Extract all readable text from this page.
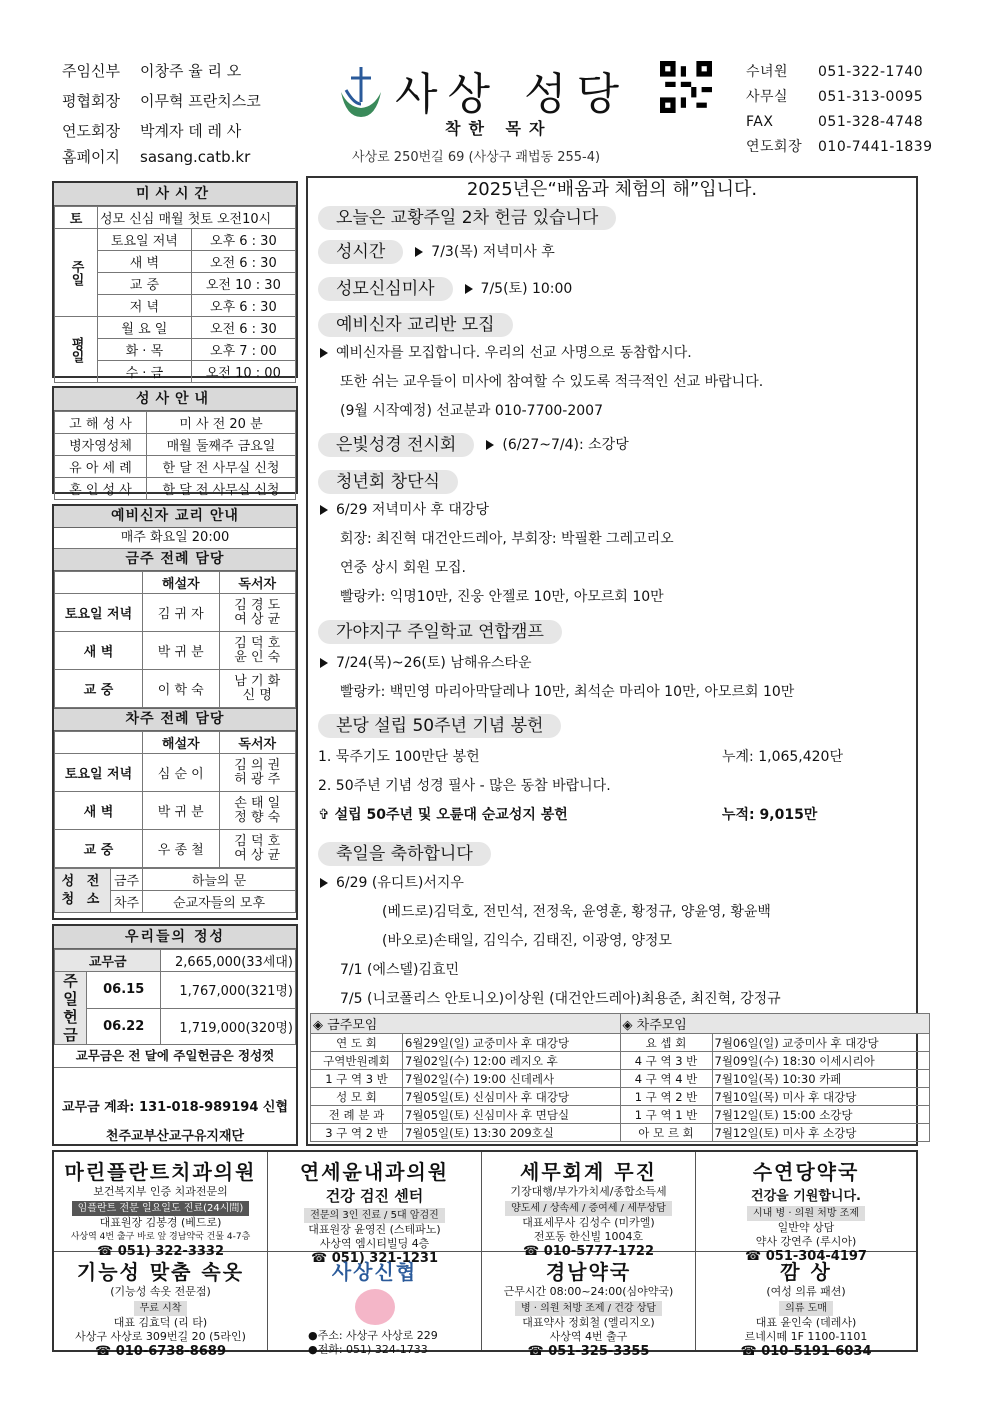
주임신부	이창주 율 리 오
평협회장	이무혁 프란치스코
연도회장	박계자 데 레 사
홈페이지	sasang.catb.kr
사상 성당
착한 목자
사상로 250번길 69 (사상구 괘법동 255-4)
수녀원	051-322-1740
사무실	051-313-0095
FAX	051-328-4748
연도회장	010-7441-1839
미사시간
토	성모 신심 매월 첫토 오전10시	
주일	토요일 저녁	오후 6 : 30
	새 벽	오전 6 : 30
	교 중	오전 10 : 30
	저 녁	오후 6 : 30
평일	월 요 일	오전 6 : 30
	화 · 목	오후 7 : 00
	수 · 금	오전 10 : 00
성사안내
고 해 성 사	미 사 전 20 분
병자영성체	매월 둘째주 금요일
유 아 세 례	한 달 전 사무실 신청
혼 인 성 사	한 달 전 사무실 신청
예비신자 교리 안내
매주 화요일 20:00
금주 전례 담당
	해설자	독서자
토요일 저녁	김 귀 자	김 경 도
여 상 균

새 벽	박 귀 분	김 덕 호
윤 인 숙

교 중	이 학 숙	남 기 화
신 명
차주 전례 담당
	해설자	독서자
토요일 저녁	심 순 이	김 의 권
허 광 주

새 벽	박 귀 분	손 태 일
정 향 숙

교 중	우 종 철	김 덕 호
여 상 균
성 전
청 소	금주	하늘의 문
	차주	순교자들의 모후
우리들의 정성
교무금		2,665,000(33세대)

주 일
헌 금	06.15	1,767,000(321명)
	06.22	1,719,000(320명)
교무금은 전 달에 주일헌금은 정성껏
교무금 계좌: 131-018-989194 신협
천주교부산교구유지재단
2025년은“배움과 체험의 해”입니다.
오늘은 교황주일 2차 헌금 있습니다
성시간	7/3(목) 저녁미사 후
성모신심미사	7/5(토) 10:00
예비신자 교리반 모집
예비신자를 모집합니다. 우리의 선교 사명으로 동참합시다.
또한 쉬는 교우들이 미사에 참여할 수 있도록 적극적인 선교 바랍니다.
(9월 시작예정) 선교분과 010-7700-2007
은빛성경 전시회	(6/27~7/4): 소강당
청년회 창단식
6/29 저녁미사 후 대강당
회장: 최진혁 대건안드레아, 부회장: 박필환 그레고리오
연중 상시 회원 모집.
빨랑카: 익명10만, 진웅 안젤로 10만, 아모르회 10만
가야지구 주일학교 연합캠프
7/24(목)~26(토) 남해유스타운
빨랑카: 백민영 마리아막달레나 10만, 최석순 마리아 10만, 아모르회 10만
본당 설립 50주년 기념 봉헌
1. 묵주기도 100만단 봉헌	누계: 1,065,420단
2. 50주년 기념 성경 필사 - 많은 동참 바랍니다.
✞ 설립 50주년 및 오륜대 순교성지 봉헌	누적: 9,015만
축일을 축하합니다
6/29 (유디트)서지우
(베드로)김덕호, 전민석, 전정욱, 윤영훈, 황정규, 양윤영, 황윤백
(바오로)손태일, 김익수, 김태진, 이광영, 양정모
7/1 (에스델)김효민
7/5 (니코폴리스 안토니오)이상원 (대건안드레아)최용준, 최진혁, 강정규
◈ 금주모임		◈ 차주모임	
연 도 회	6월29일(일) 교중미사 후 대강당	요 셉 회	7월06일(일) 교중미사 후 대강당
구역반원례회	7월02일(수) 12:00 레지오 후	4 구 역 3 반	7월09일(수) 18:30 이세시리아
1 구 역 3 반	7월02일(수) 19:00 신데레사	4 구 역 4 반	7월10일(목) 10:30 카페
성 모 회	7월05일(토) 신심미사 후 대강당	1 구 역 2 반	7월10일(목) 미사 후 대강당
전 례 분 과	7월05일(토) 신심미사 후 면담실	1 구 역 1 반	7월12일(토) 15:00 소강당
3 구 역 2 반	7월05일(토) 13:30 209호실	아 모 르 회	7월12일(토) 미사 후 소강당
마린플란트치과의원
보건복지부 인증 치과전문의
임플란트 전문 일요일도 진료(24시間)
대표원장 김봉경 (베드로)
사상역 4번 출구 바로 앞 경남약국 건물 4-7층
☎ 051) 322-3332
연세윤내과의원
건강 검진 센터
전문의 3인 진료 / 5대 암검진
대표원장 윤영진 (스테파노)
사상역 엠시티빌딩 4층
☎ 051) 321-1231
세무회계 무진
기장대행/부가가치세/종합소득세
양도세 / 상속세 / 증여세 / 세무상담
대표세무사 김성수 (미카엘)
전포동 한신빌 1004호
☎ 010-5777-1722
수연당약국
건강을 기원합니다.
시내 병 · 의원 처방 조제
일반약 상담
약사 강연주 (루시아)
☎ 051-304-4197
기능성 맞춤 속옷
(기능성 속옷 전문점)
무료 시착
대표 김효덕 (리 타)
사상구 사상로 309번길 20 (5라인)
☎ 010-6738-8689
사상신협
●주소: 사상구 사상로 229
●전화: 051) 324-1733
경남약국
근무시간 08:00~24:00(심야약국)
병 · 의원 처방 조제 / 건강 상담
대표약사 정회철 (엘리지오)
사상역 4번 출구
☎ 051-325-3355
깜 상
(여성 의류 패션)
의류 도매
대표 윤인숙 (데레사)
르네시떼 1F 1100-1101
☎ 010-5191-6034
